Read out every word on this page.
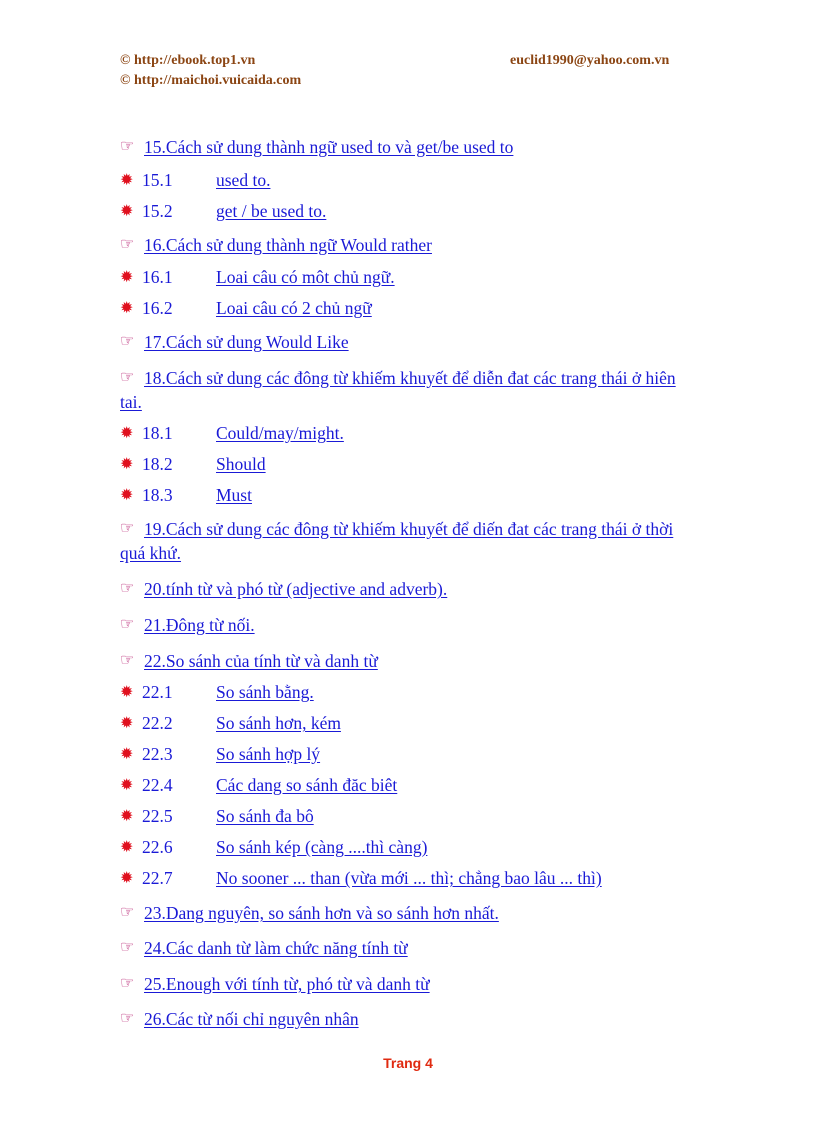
© http://ebook.top1.vn
© http://maichoi.vuicaida.com
euclid1990@yahoo.com.vn
☞ 15.Cách sử dung thành ngữ used to và get/be used to
✹ 15.1 used to.
✹ 15.2 get / be used to.
☞ 16.Cách sử dung thành ngữ Would rather
✹ 16.1 Loai câu có môt chủ ngữ.
✹ 16.2 Loai câu có 2 chủ ngữ
☞ 17.Cách sử dung Would Like
☞ 18.Cách sử dung các đông từ khiếm khuyết để diễn đat các trang thái ở hiên tai.
✹ 18.1 Could/may/might.
✹ 18.2 Should
✹ 18.3 Must
☞ 19.Cách sử dung các đông từ khiếm khuyết để diến đat các trang thái ở thời quá khứ.
☞ 20.tính từ và phó từ (adjective and adverb).
☞ 21.Đông từ nối.
☞ 22.So sánh của tính từ và danh từ
✹ 22.1 So sánh bằng.
✹ 22.2 So sánh hơn, kém
✹ 22.3 So sánh hợp lý
✹ 22.4 Các dang so sánh đăc biêt
✹ 22.5 So sánh đa bô
✹ 22.6 So sánh kép (càng ....thì càng)
✹ 22.7 No sooner ... than (vừa mới ... thì; chẳng bao lâu ... thì)
☞ 23.Dang nguyên, so sánh hơn và so sánh hơn nhất.
☞ 24.Các danh từ làm chức năng tính từ
☞ 25.Enough với tính từ, phó từ và danh từ
☞ 26.Các từ nối chỉ nguyên nhân
Trang 4
